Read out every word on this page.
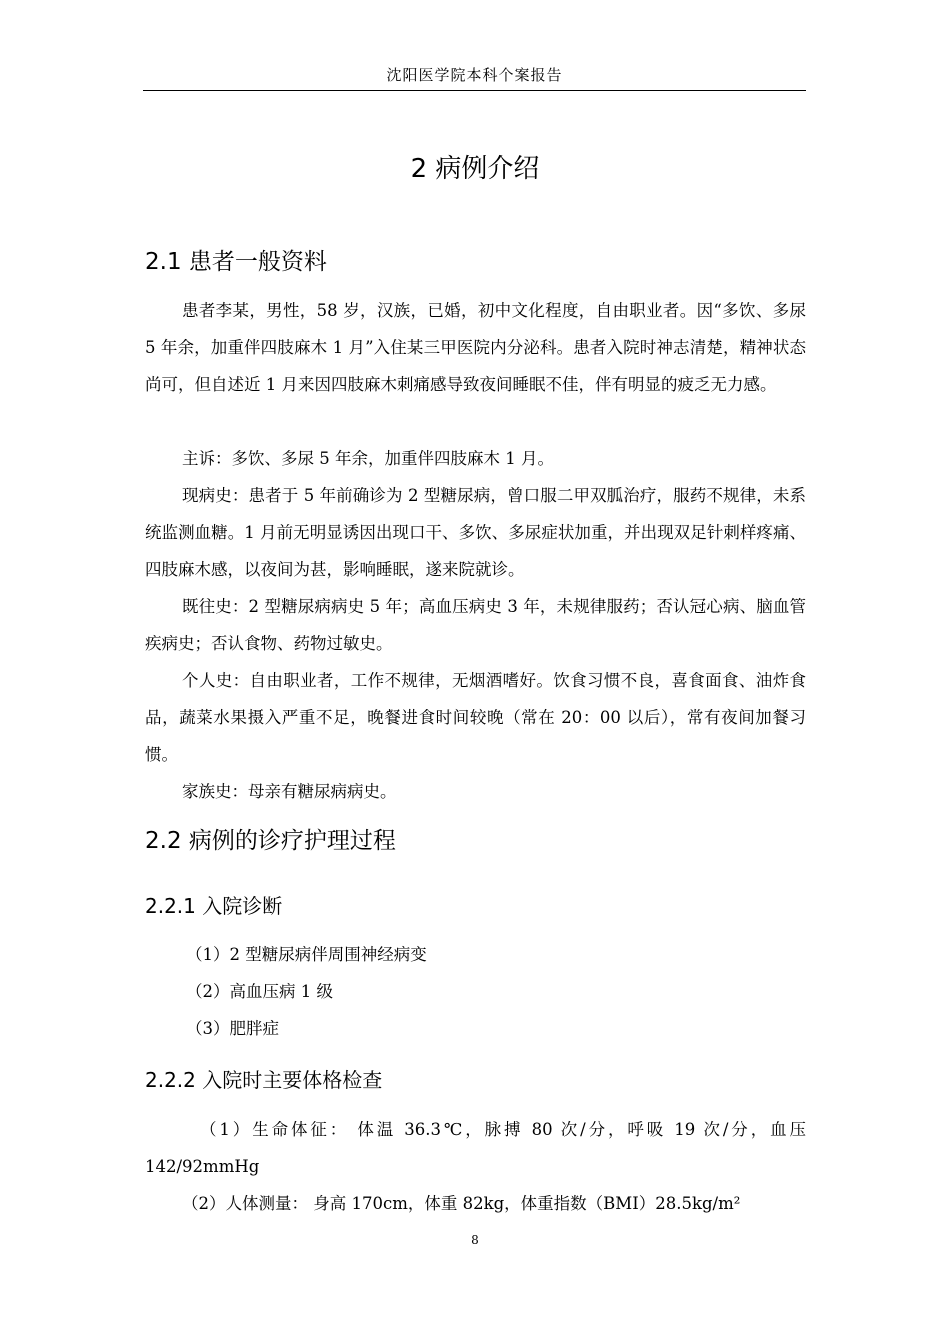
沈阳医学院本科个案报告
2 病例介绍
2.1 患者一般资料
患者李某，男性，58 岁，汉族，已婚，初中文化程度，自由职业者。因“多饮、多尿 5 年余，加重伴四肢麻木 1 月”入住某三甲医院内分泌科。患者入院时神志清楚，精神状态尚可，但自述近 1 月来因四肢麻木刺痛感导致夜间睡眠不佳，伴有明显的疲乏无力感。
主诉：多饮、多尿 5 年余，加重伴四肢麻木 1 月。
现病史：患者于 5 年前确诊为 2 型糖尿病，曾口服二甲双胍治疗，服药不规律，未系统监测血糖。1 月前无明显诱因出现口干、多饮、多尿症状加重，并出现双足针刺样疼痛、四肢麻木感，以夜间为甚，影响睡眠，遂来院就诊。
既往史：2 型糖尿病病史 5 年；高血压病史 3 年，未规律服药；否认冠心病、脑血管疾病史；否认食物、药物过敏史。
个人史：自由职业者，工作不规律，无烟酒嗜好。饮食习惯不良，喜食面食、油炸食品，蔬菜水果摄入严重不足，晚餐进食时间较晚（常在 20：00 以后），常有夜间加餐习惯。
家族史：母亲有糖尿病病史。
2.2 病例的诊疗护理过程
2.2.1 入院诊断
（1）2 型糖尿病伴周围神经病变
（2）高血压病 1 级
（3）肥胖症
2.2.2 入院时主要体格检查
（1）生命体征： 体温 36.3℃，脉搏 80 次/分，呼吸 19 次/分，血压 142/92mmHg
（2）人体测量： 身高 170cm，体重 82kg，体重指数（BMI）28.5kg/m²
8
